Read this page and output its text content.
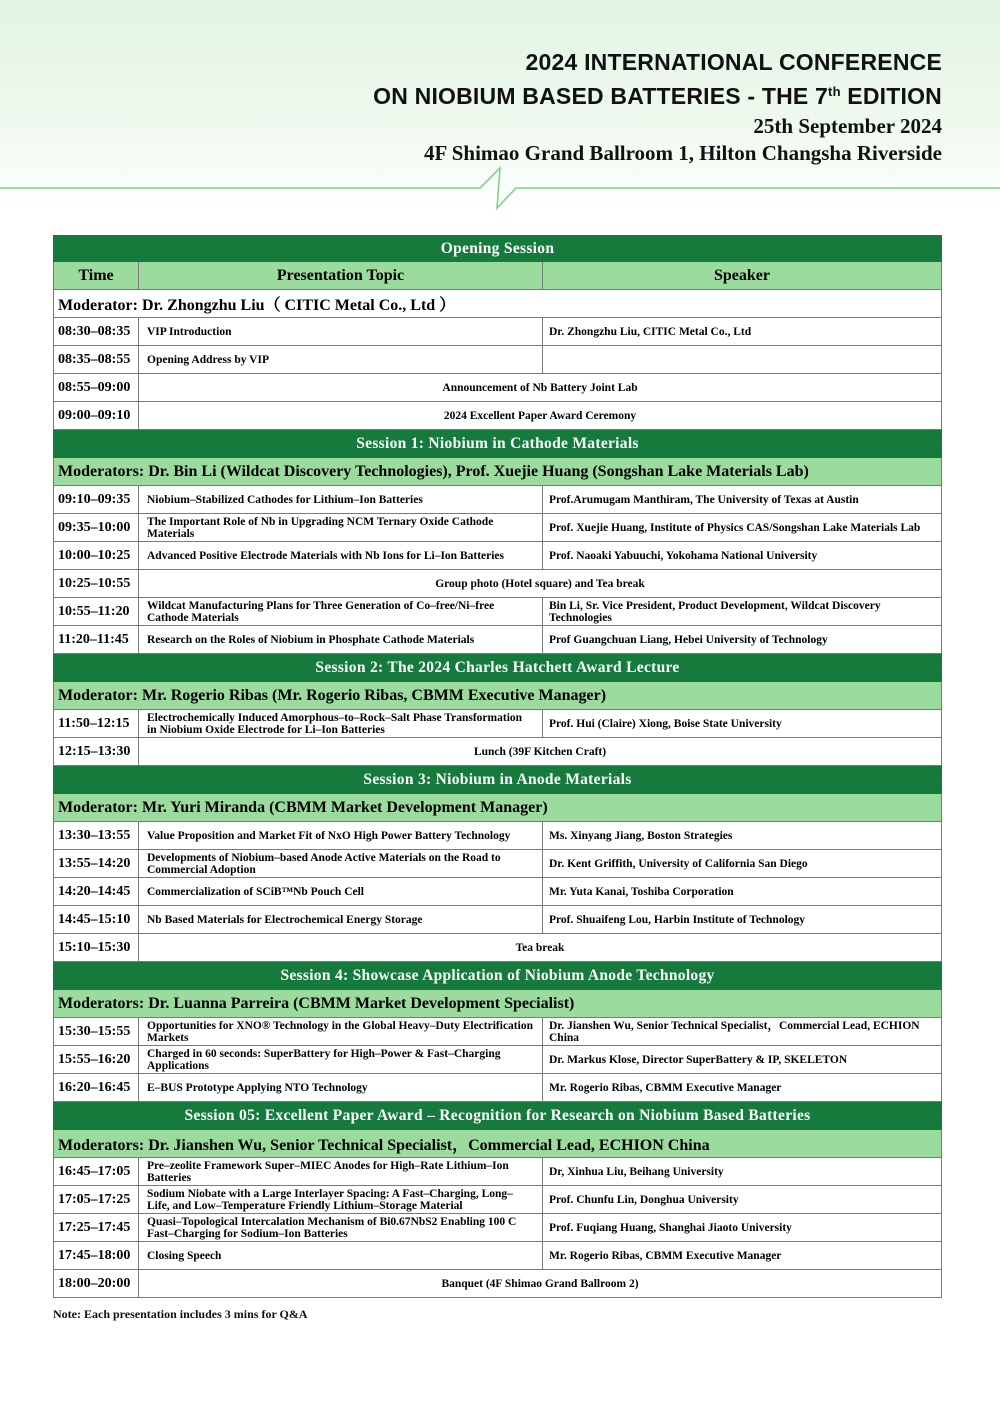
2024 INTERNATIONAL CONFERENCE
ON NIOBIUM BASED BATTERIES - THE 7th EDITION
25th September 2024
4F Shimao Grand Ballroom 1, Hilton Changsha Riverside
Opening Session		
Time	Presentation Topic	Speaker
Moderator: Dr. Zhongzhu Liu（ CITIC Metal Co., Ltd ）		
08:30–08:35	VIP Introduction	Dr. Zhongzhu Liu, CITIC Metal Co., Ltd
08:35–08:55	Opening Address by VIP	
08:55–09:00	Announcement of Nb Battery Joint Lab	
09:00–09:10	2024 Excellent Paper Award Ceremony	
Session 1: Niobium in Cathode Materials		
Moderators: Dr. Bin Li (Wildcat Discovery Technologies), Prof. Xuejie Huang (Songshan Lake Materials Lab)		
09:10–09:35	Niobium–Stabilized Cathodes for Lithium–Ion Batteries	Prof.Arumugam Manthiram, The University of Texas at Austin
09:35–10:00	The Important Role of Nb in Upgrading NCM Ternary Oxide Cathode Materials	Prof. Xuejie Huang, Institute of Physics CAS/Songshan Lake Materials Lab
10:00–10:25	Advanced Positive Electrode Materials with Nb Ions for Li–Ion Batteries	Prof. Naoaki Yabuuchi, Yokohama National University
10:25–10:55	Group photo (Hotel square) and Tea break	
10:55–11:20	Wildcat Manufacturing Plans for Three Generation of Co–free/Ni–free Cathode Materials	Bin Li, Sr. Vice President, Product Development, Wildcat Discovery Technologies
11:20–11:45	Research on the Roles of Niobium in Phosphate Cathode Materials	Prof Guangchuan Liang, Hebei University of Technology
Session 2: The 2024 Charles Hatchett Award Lecture		
Moderator: Mr. Rogerio Ribas (Mr. Rogerio Ribas, CBMM Executive Manager)		
11:50–12:15	Electrochemically Induced Amorphous–to–Rock–Salt Phase Transformation in Niobium Oxide Electrode for Li–Ion Batteries	Prof. Hui (Claire) Xiong, Boise State University
12:15–13:30	Lunch (39F Kitchen Craft)	
Session 3: Niobium in Anode Materials		
Moderator: Mr. Yuri Miranda (CBMM Market Development Manager)		
13:30–13:55	Value Proposition and Market Fit of NxO High Power Battery Technology	Ms. Xinyang Jiang, Boston Strategies
13:55–14:20	Developments of Niobium–based Anode Active Materials on the Road to Commercial Adoption	Dr. Kent Griffith, University of California San Diego
14:20–14:45	Commercialization of SCiB™Nb Pouch Cell	Mr. Yuta Kanai, Toshiba Corporation
14:45–15:10	Nb Based Materials for Electrochemical Energy Storage	Prof. Shuaifeng Lou, Harbin Institute of Technology
15:10–15:30	Tea break	
Session 4: Showcase Application of Niobium Anode Technology		
Moderators: Dr. Luanna Parreira (CBMM Market Development Specialist)		
15:30–15:55	Opportunities for XNO® Technology in the Global Heavy–Duty Electrification Markets	Dr. Jianshen Wu, Senior Technical Specialist，Commercial Lead, ECHION China
15:55–16:20	Charged in 60 seconds: SuperBattery for High–Power & Fast–Charging Applications	Dr. Markus Klose, Director SuperBattery & IP, SKELETON
16:20–16:45	E–BUS Prototype Applying NTO Technology	Mr. Rogerio Ribas, CBMM Executive Manager
Session 05: Excellent Paper Award – Recognition for Research on Niobium Based Batteries		
Moderators: Dr. Jianshen Wu, Senior Technical Specialist，Commercial Lead, ECHION China		
16:45–17:05	Pre–zeolite Framework Super–MIEC Anodes for High–Rate Lithium–Ion Batteries	Dr, Xinhua Liu, Beihang University
17:05–17:25	Sodium Niobate with a Large Interlayer Spacing: A Fast–Charging, Long–Life, and Low–Temperature Friendly Lithium–Storage Material	Prof. Chunfu Lin, Donghua University
17:25–17:45	Quasi–Topological Intercalation Mechanism of Bi0.67NbS2 Enabling 100 C Fast–Charging for Sodium–Ion Batteries	Prof. Fuqiang Huang, Shanghai Jiaoto University
17:45–18:00	Closing Speech	Mr. Rogerio Ribas, CBMM Executive Manager
18:00–20:00	Banquet (4F Shimao Grand Ballroom 2)	
Note: Each presentation includes 3 mins for Q&A
